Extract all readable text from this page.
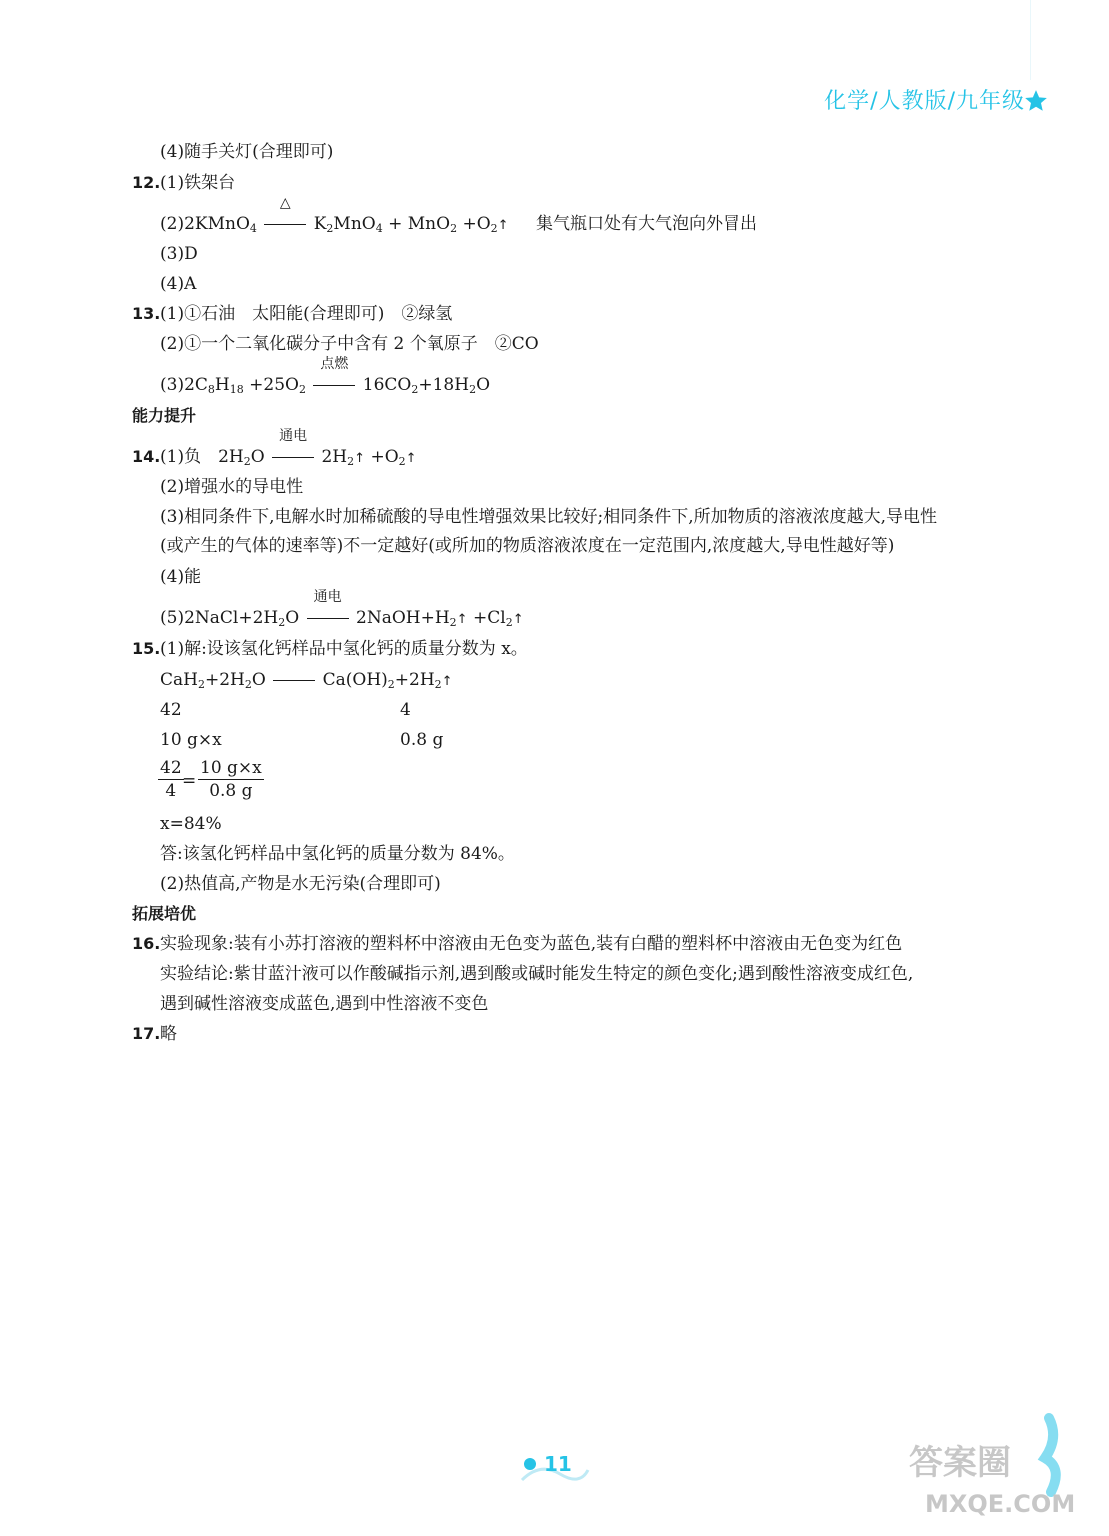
化学/人教版/九年级
(4)随手关灯(合理即可)
12. (1)铁架台
(2)2KMnO$_4$
△
$K_2MnO_4 + MnO_2$ $+O_2↑$ 集气瓶口处有大气泡向外冒出
(3)D
(4)A
13. (1)①石油　太阳能(合理即可)　②绿氢
(2)①一个二氧化碳分子中含有 2 个氧原子　②CO
$(3)2C_8H_{18} +25O_2$
点燃
$16CO_2+18H_2O$
能力提升
14. (1)负　$2H_2O$
通电
$2H_2↑$ $+O_2↑$
(2)增强水的导电性
(3)相同条件下,电解水时加稀硫酸的导电性增强效果比较好;相同条件下,所加物质的溶液浓度越大,导电性
(或产生的气体的速率等)不一定越好(或所加的物质溶液浓度在一定范围内,浓度越大,导电性越好等)
(4)能
$(5)2NaCl+2H_2O$
通电
$2NaOH+H_2↑$ $+Cl_2↑$
15. (1)解:设该氢化钙样品中氢化钙的质量分数为 x。
$CaH_2+2H_2O$	$Ca(OH)_2+2H_2↑$
42	4
10 g×x	0.8 g
$\frac{42}{4}$
= $\frac{10 g\times x}{0.8 g}$
x=84%
答:该氢化钙样品中氢化钙的质量分数为 84%。
(2)热值高,产物是水无污染(合理即可)
拓展培优
16. 实验现象:装有小苏打溶液的塑料杯中溶液由无色变为蓝色,装有白醋的塑料杯中溶液由无色变为红色
实验结论:紫甘蓝汁液可以作酸碱指示剂,遇到酸或碱时能发生特定的颜色变化;遇到酸性溶液变成红色,
遇到碱性溶液变成蓝色,遇到中性溶液不变色
17. 略
11	答案圈
MXQE.COM
